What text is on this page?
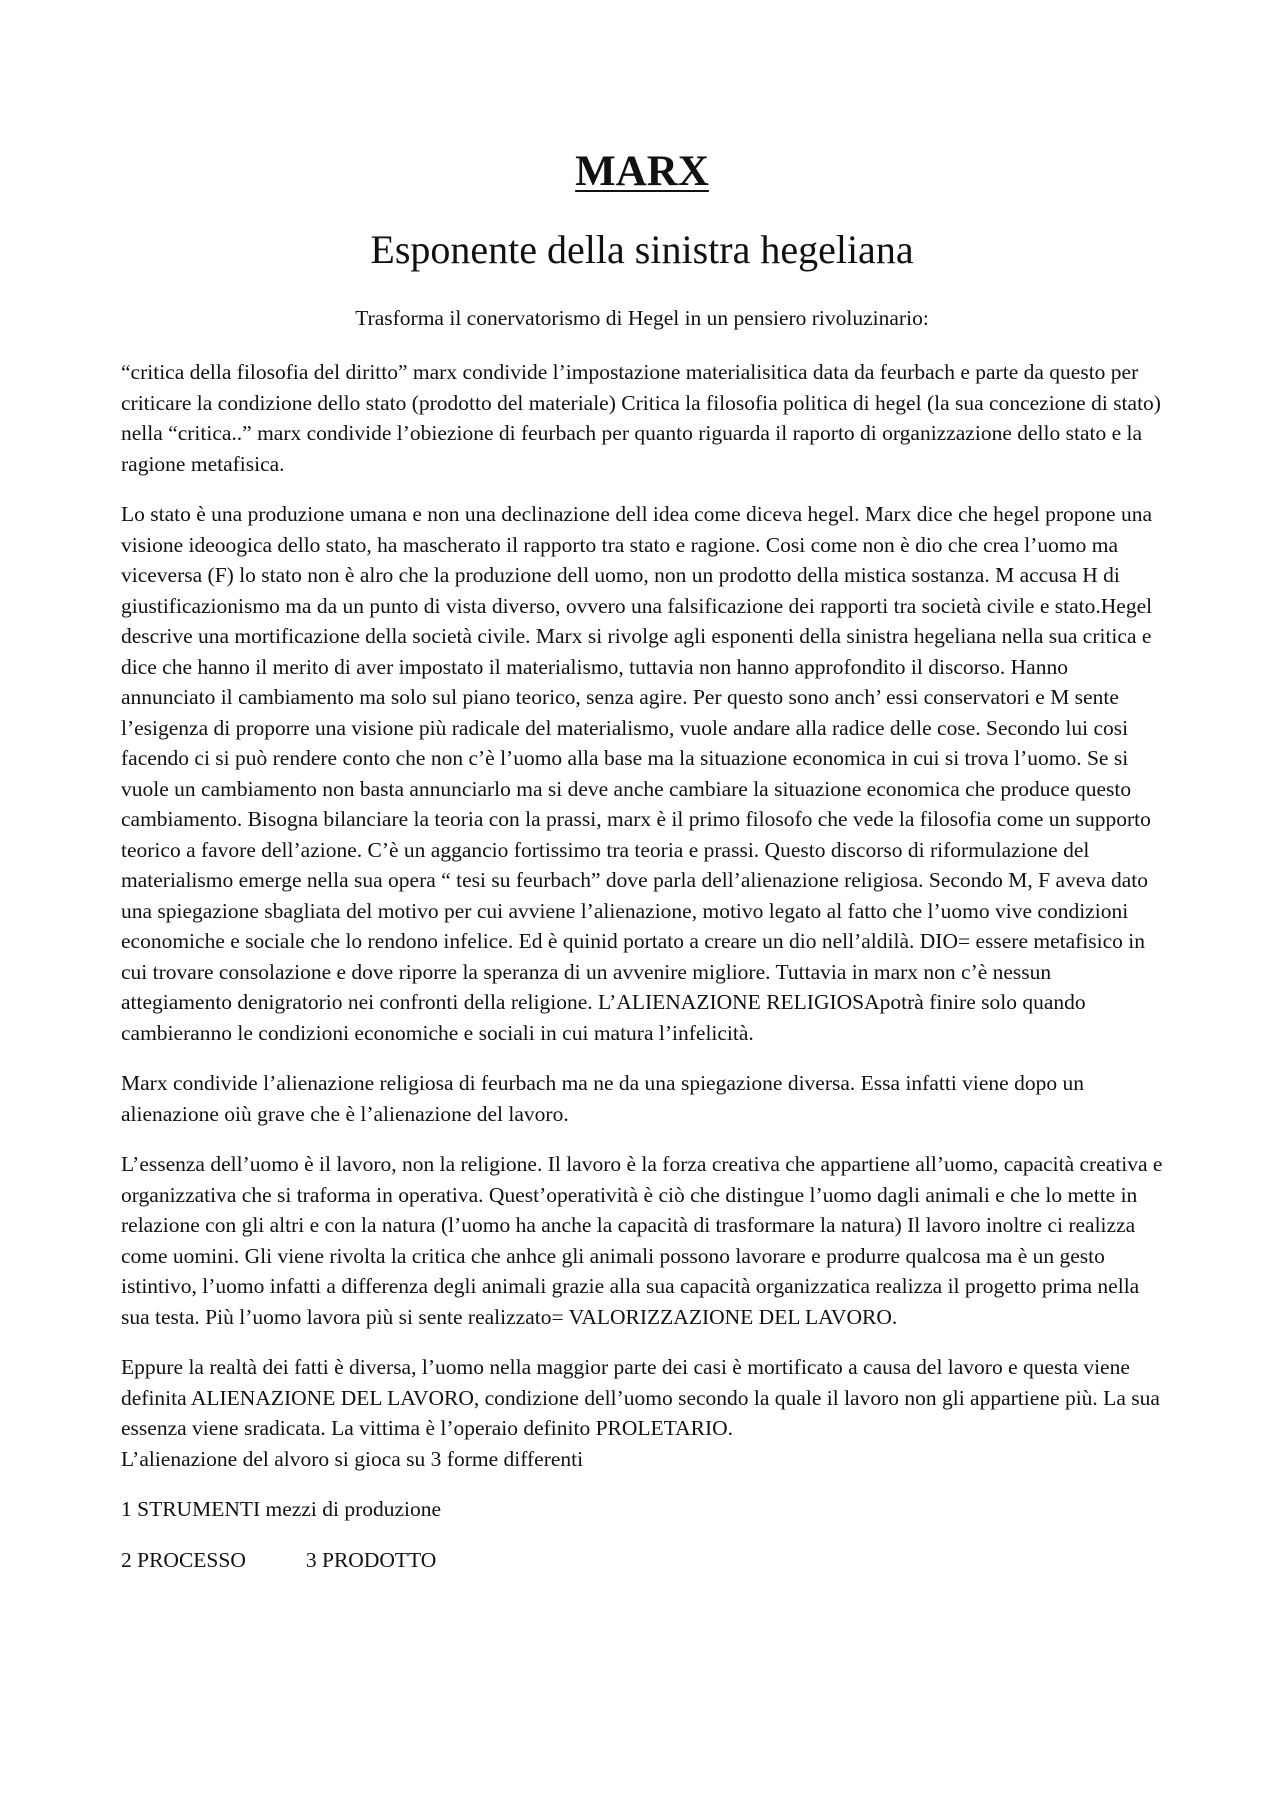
MARX
Esponente della sinistra hegeliana

Trasforma il conervatorismo di Hegel in un pensiero rivoluzinario:

“critica della filosofia del diritto” marx condivide l’impostazione materialisitica data da feurbach e parte da questo per criticare la condizione dello stato (prodotto del materiale) Critica la filosofia politica di hegel (la sua concezione di stato) nella “critica..” marx condivide l’obiezione di feurbach per quanto riguarda il raporto di organizzazione dello stato e la ragione metafisica.

Lo stato è una produzione umana e non una declinazione dell idea come diceva hegel. Marx dice che hegel propone una visione ideoogica dello stato, ha mascherato il rapporto tra stato e ragione. Cosi come non è dio che crea l’uomo ma viceversa (F) lo stato non è alro che la produzione dell uomo, non un prodotto della mistica sostanza. M accusa H di giustificazionismo ma da un punto di vista diverso, ovvero una falsificazione dei rapporti tra società civile e stato.Hegel descrive una mortificazione della società civile. Marx si rivolge agli esponenti della sinistra hegeliana nella sua critica e dice che hanno il merito di aver impostato il materialismo, tuttavia non hanno approfondito il discorso. Hanno annunciato il cambiamento ma solo sul piano teorico, senza agire. Per questo sono anch’ essi conservatori e M sente l’esigenza di proporre una visione più radicale del materialismo, vuole andare alla radice delle cose. Secondo lui cosi facendo ci si può rendere conto che non c’è l’uomo alla base ma la situazione economica in cui si trova l’uomo. Se si vuole un cambiamento non basta annunciarlo ma si deve anche cambiare la situazione economica che produce questo cambiamento. Bisogna bilanciare la teoria con la prassi, marx è il primo filosofo che vede la filosofia come un supporto teorico a favore dell’azione. C’è un aggancio fortissimo tra teoria e prassi. Questo discorso di riformulazione del materialismo emerge nella sua opera “ tesi su feurbach” dove parla dell’alienazione religiosa. Secondo M, F aveva dato una spiegazione sbagliata del motivo per cui avviene l’alienazione, motivo legato al fatto che l’uomo vive condizioni economiche e sociale che lo rendono infelice. Ed è quinid portato a creare un dio nell’aldilà. DIO= essere metafisico in cui trovare consolazione e dove riporre la speranza di un avvenire migliore. Tuttavia in marx non c’è nessun attegiamento denigratorio nei confronti della religione. L’ALIENAZIONE RELIGIOSApotrà finire solo quando cambieranno le condizioni economiche e sociali in cui matura l’infelicità.

Marx condivide l’alienazione religiosa di feurbach ma ne da una spiegazione diversa. Essa infatti viene dopo un alienazione oiù grave che è l’alienazione del lavoro.

L’essenza dell’uomo è il lavoro, non la religione. Il lavoro è la forza creativa che appartiene all’uomo, capacità creativa e organizzativa che si traforma in operativa. Quest’operatività è ciò che distingue l’uomo dagli animali e che lo mette in relazione con gli altri e con la natura (l’uomo ha anche la capacità di trasformare la natura) Il lavoro inoltre ci realizza come uomini. Gli viene rivolta la critica che anhce gli animali possono lavorare e produrre qualcosa ma è un gesto istintivo, l’uomo infatti a differenza degli animali grazie alla sua capacità organizzatica realizza il progetto prima nella sua testa. Più l’uomo lavora più si sente realizzato= VALORIZZAZIONE DEL LAVORO.

Eppure la realtà dei fatti è diversa, l’uomo nella maggior parte dei casi è mortificato a causa del lavoro e questa viene definita ALIENAZIONE DEL LAVORO, condizione dell’uomo secondo la quale il lavoro non gli appartiene più. La sua essenza viene sradicata. La vittima è l’operaio definito PROLETARIO.

L’alienazione del alvoro si gioca su 3 forme differenti

1 STRUMENTI mezzi di produzione
2 PROCESSO	3 PRODOTTO
